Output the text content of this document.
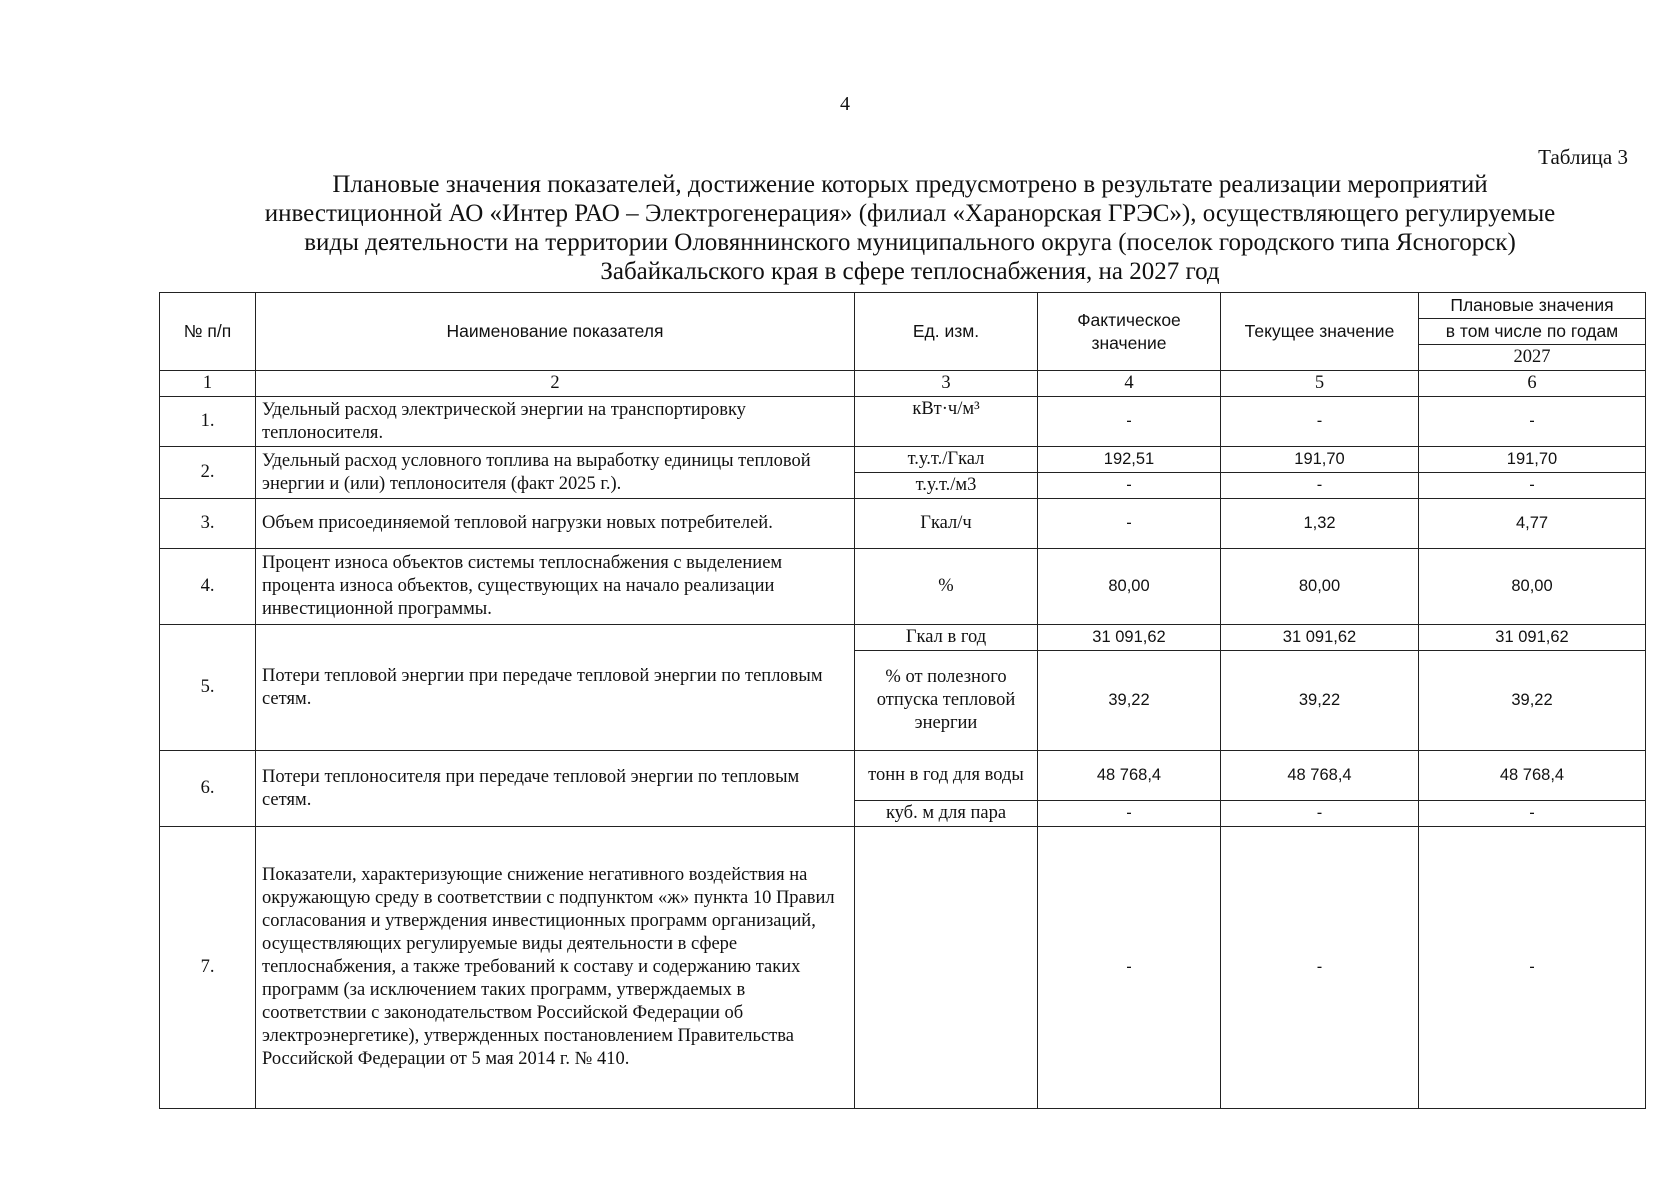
4
Таблица 3
Плановые значения показателей, достижение которых предусмотрено в результате реализации мероприятий
инвестиционной АО «Интер РАО – Электрогенерация» (филиал «Харанорская ГРЭС»), осуществляющего регулируемые
виды деятельности на территории Оловяннинского муниципального округа (поселок городского типа Ясногорск)
Забайкальского края в сфере теплоснабжения, на 2027 год
№ п/п	Наименование показателя	Ед. изм.	Фактическое значение	Текущее значение	Плановые значения
					в том числе по годам
					2027
1	2	3	4	5	6
1.	Удельный расход электрической энергии на транспортировку теплоносителя.	кВт·ч/м³	-	-	-
2.	Удельный расход условного топлива на выработку единицы тепловой энергии и (или) теплоносителя (факт 2025 г.).	т.у.т./Гкал	192,51	191,70	191,70
		т.у.т./м3	-	-	-
3.	Объем присоединяемой тепловой нагрузки новых потребителей.	Гкал/ч	-	1,32	4,77
4.	Процент износа объектов системы теплоснабжения с выделением процента износа объектов, существующих на начало реализации инвестиционной программы.	%	80,00	80,00	80,00
5.	Потери тепловой энергии при передаче тепловой энергии по тепловым сетям.	Гкал в год	31 091,62	31 091,62	31 091,62
		% от полезного отпуска тепловой энергии	39,22	39,22	39,22
6.	Потери теплоносителя при передаче тепловой энергии по тепловым сетям.	тонн в год для воды	48 768,4	48 768,4	48 768,4
		куб. м для пара	-	-	-
7.	Показатели, характеризующие снижение негативного воздействия на окружающую среду в соответствии с подпунктом «ж» пункта 10 Правил согласования и утверждения инвестиционных программ организаций, осуществляющих регулируемые виды деятельности в сфере теплоснабжения, а также требований к составу и содержанию таких программ (за исключением таких программ, утверждаемых в соответствии с законодательством Российской Федерации об электроэнергетике), утвержденных постановлением Правительства Российской Федерации от 5 мая 2014 г. № 410.		-	-	-
